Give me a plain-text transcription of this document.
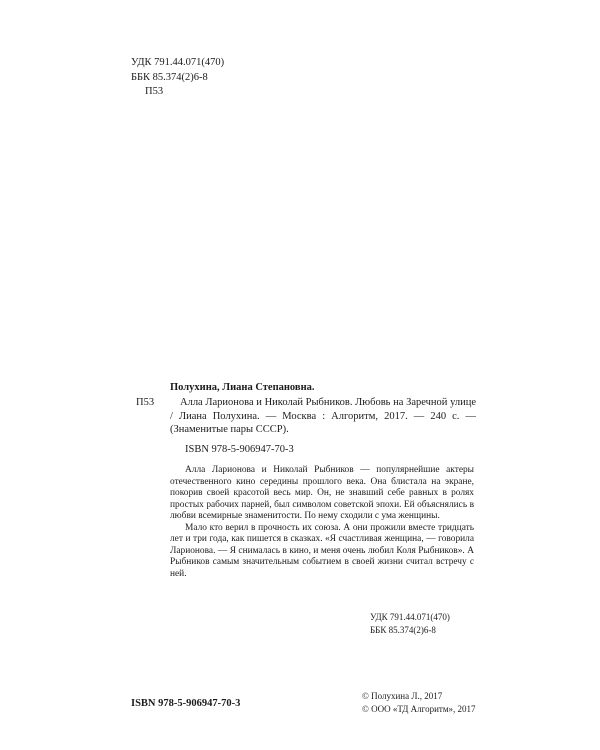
УДК 791.44.071(470)
ББК 85.374(2)6-8
П53
Полухина, Лиана Степановна.
П53	Алла Ларионова и Николай Рыбников. Любовь на Заречной улице / Лиана Полухина. — Москва : Алгоритм, 2017. — 240 с. — (Знаменитые пары СССР).
ISBN 978-5-906947-70-3

Алла Ларионова и Николай Рыбников — популярнейшие актеры отечественного кино середины прошлого века. Она блистала на экране, покорив своей красотой весь мир. Он, не знавший себе равных в ролях простых рабочих парней, был символом советской эпохи. Ей объяснялись в любви всемирные знаменитости. По нему сходили с ума женщины.

Мало кто верил в прочность их союза. А они прожили вместе тридцать лет и три года, как пишется в сказках. «Я счастливая женщина, — говорила Ларионова. — Я снималась в кино, и меня очень любил Коля Рыбников». А Рыбников самым значительным событием в своей жизни считал встречу с ней.

УДК 791.44.071(470)
ББК 85.374(2)6-8
ISBN 978-5-906947-70-3
© Полухина Л., 2017
© ООО «ТД Алгоритм», 2017
